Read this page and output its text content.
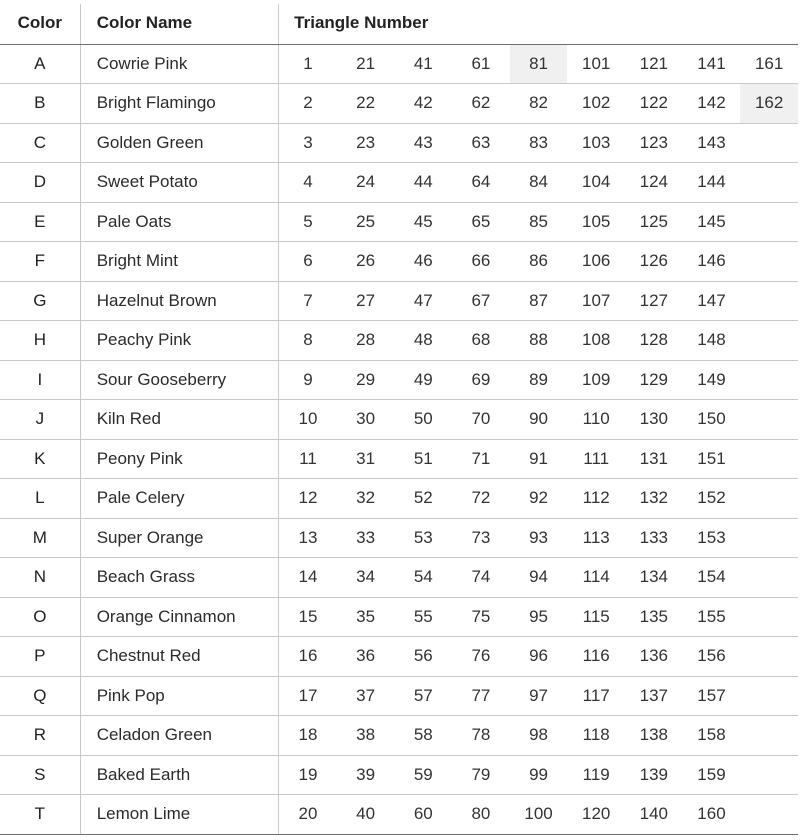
Color	Color Name	Triangle Number								
A	Cowrie Pink	1	21	41	61	81	101	121	141	161
B	Bright Flamingo	2	22	42	62	82	102	122	142	162
C	Golden Green	3	23	43	63	83	103	123	143	
D	Sweet Potato	4	24	44	64	84	104	124	144	
E	Pale Oats	5	25	45	65	85	105	125	145	
F	Bright Mint	6	26	46	66	86	106	126	146	
G	Hazelnut Brown	7	27	47	67	87	107	127	147	
H	Peachy Pink	8	28	48	68	88	108	128	148	
I	Sour Gooseberry	9	29	49	69	89	109	129	149	
J	Kiln Red	10	30	50	70	90	110	130	150	
K	Peony Pink	11	31	51	71	91	111	131	151	
L	Pale Celery	12	32	52	72	92	112	132	152	
M	Super Orange	13	33	53	73	93	113	133	153	
N	Beach Grass	14	34	54	74	94	114	134	154	
O	Orange Cinnamon	15	35	55	75	95	115	135	155	
P	Chestnut Red	16	36	56	76	96	116	136	156	
Q	Pink Pop	17	37	57	77	97	117	137	157	
R	Celadon Green	18	38	58	78	98	118	138	158	
S	Baked Earth	19	39	59	79	99	119	139	159	
T	Lemon Lime	20	40	60	80	100	120	140	160	
